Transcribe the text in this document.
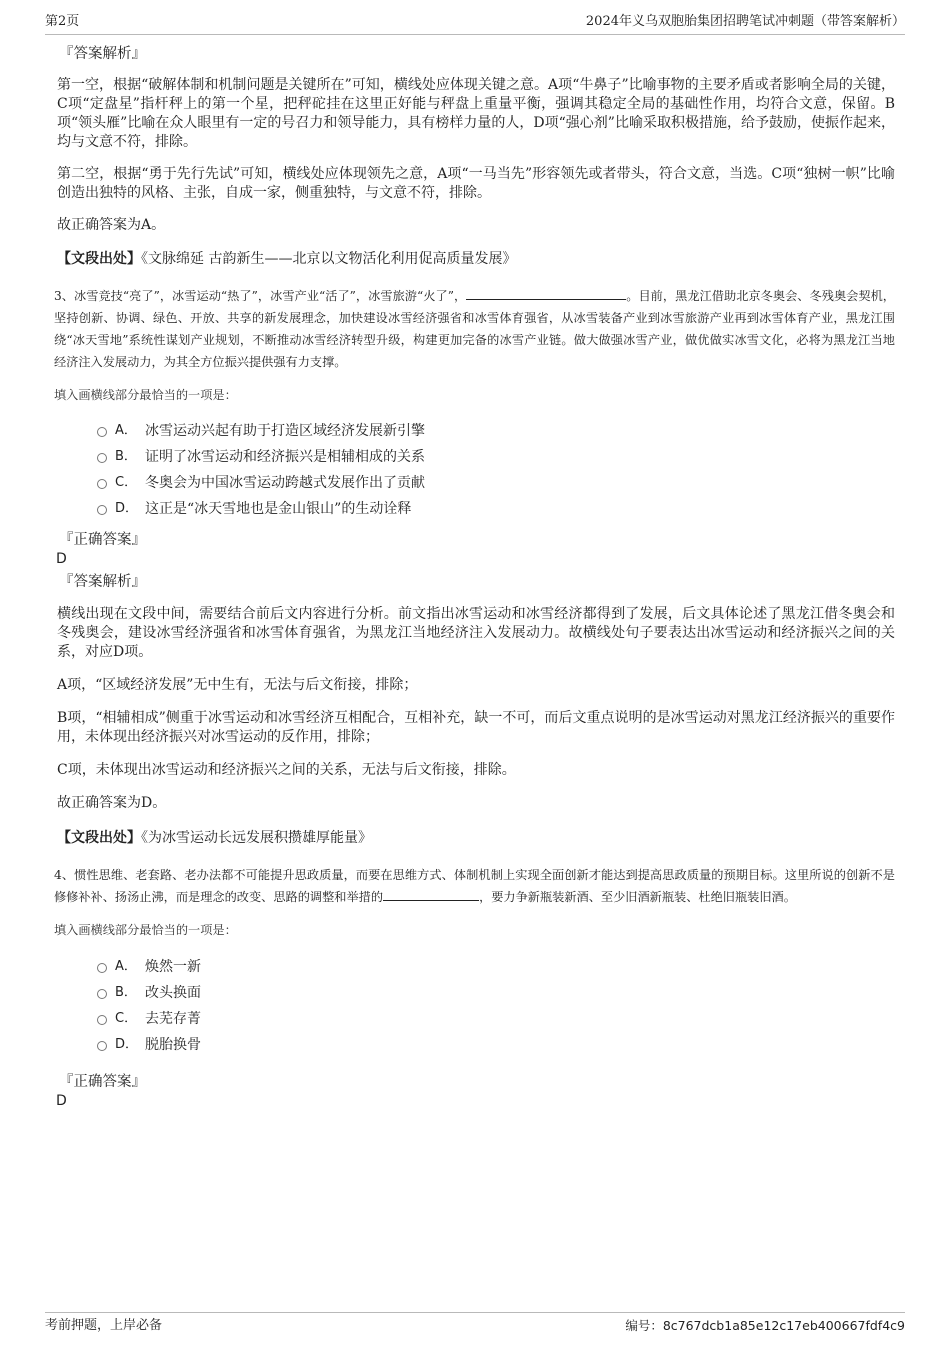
第2页	2024年义乌双胞胎集团招聘笔试冲刺题（带答案解析）
『答案解析』
第一空，根据“破解体制和机制问题是关键所在”可知，横线处应体现关键之意。A项“牛鼻子”比喻事物的主要矛盾或者影响全局的关键，C项“定盘星”指杆秤上的第一个星，把秤砣挂在这里正好能与秤盘上重量平衡，强调其稳定全局的基础性作用，均符合文意，保留。B项“领头雁”比喻在众人眼里有一定的号召力和领导能力，具有榜样力量的人，D项“强心剂”比喻采取积极措施，给予鼓励，使振作起来，均与文意不符，排除。
第二空，根据“勇于先行先试”可知，横线处应体现领先之意，A项“一马当先”形容领先或者带头，符合文意，当选。C项“独树一帜”比喻创造出独特的风格、主张，自成一家，侧重独特，与文意不符，排除。
故正确答案为A。
【文段出处】《文脉绵延 古韵新生——北京以文物活化利用促高质量发展》
3、冰雪竞技“亮了”，冰雪运动“热了”，冰雪产业“活了”，冰雪旅游“火了”，	。目前，黑龙江借助北京冬奥会、冬残奥会契机，坚持创新、协调、绿色、开放、共享的新发展理念，加快建设冰雪经济强省和冰雪体育强省，从冰雪装备产业到冰雪旅游产业再到冰雪体育产业，黑龙江围绕“冰天雪地”系统性谋划产业规划，不断推动冰雪经济转型升级，构建更加完备的冰雪产业链。做大做强冰雪产业，做优做实冰雪文化，必将为黑龙江当地经济注入发展动力，为其全方位振兴提供强有力支撑。
填入画横线部分最恰当的一项是：
A． 冰雪运动兴起有助于打造区域经济发展新引擎
B． 证明了冰雪运动和经济振兴是相辅相成的关系
C． 冬奥会为中国冰雪运动跨越式发展作出了贡献
D． 这正是“冰天雪地也是金山银山”的生动诠释
『正确答案』
D
『答案解析』
横线出现在文段中间，需要结合前后文内容进行分析。前文指出冰雪运动和冰雪经济都得到了发展，后文具体论述了黑龙江借冬奥会和冬残奥会，建设冰雪经济强省和冰雪体育强省，为黑龙江当地经济注入发展动力。故横线处句子要表达出冰雪运动和经济振兴之间的关系，对应D项。
A项，“区域经济发展”无中生有，无法与后文衔接，排除；
B项，“相辅相成”侧重于冰雪运动和冰雪经济互相配合，互相补充，缺一不可，而后文重点说明的是冰雪运动对黑龙江经济振兴的重要作用，未体现出经济振兴对冰雪运动的反作用，排除；
C项，未体现出冰雪运动和经济振兴之间的关系，无法与后文衔接，排除。
故正确答案为D。
【文段出处】《为冰雪运动长远发展积攒雄厚能量》
4、惯性思维、老套路、老办法都不可能提升思政质量，而要在思维方式、体制机制上实现全面创新才能达到提高思政质量的预期目标。这里所说的创新不是修修补补、扬汤止沸，而是理念的改变、思路的调整和举措的	，要力争新瓶装新酒、至少旧酒新瓶装、杜绝旧瓶装旧酒。
填入画横线部分最恰当的一项是：
A． 焕然一新
B． 改头换面
C． 去芜存菁
D． 脱胎换骨
『正确答案』
D
考前押题，上岸必备	编号：8c767dcb1a85e12c17eb400667fdf4c9
